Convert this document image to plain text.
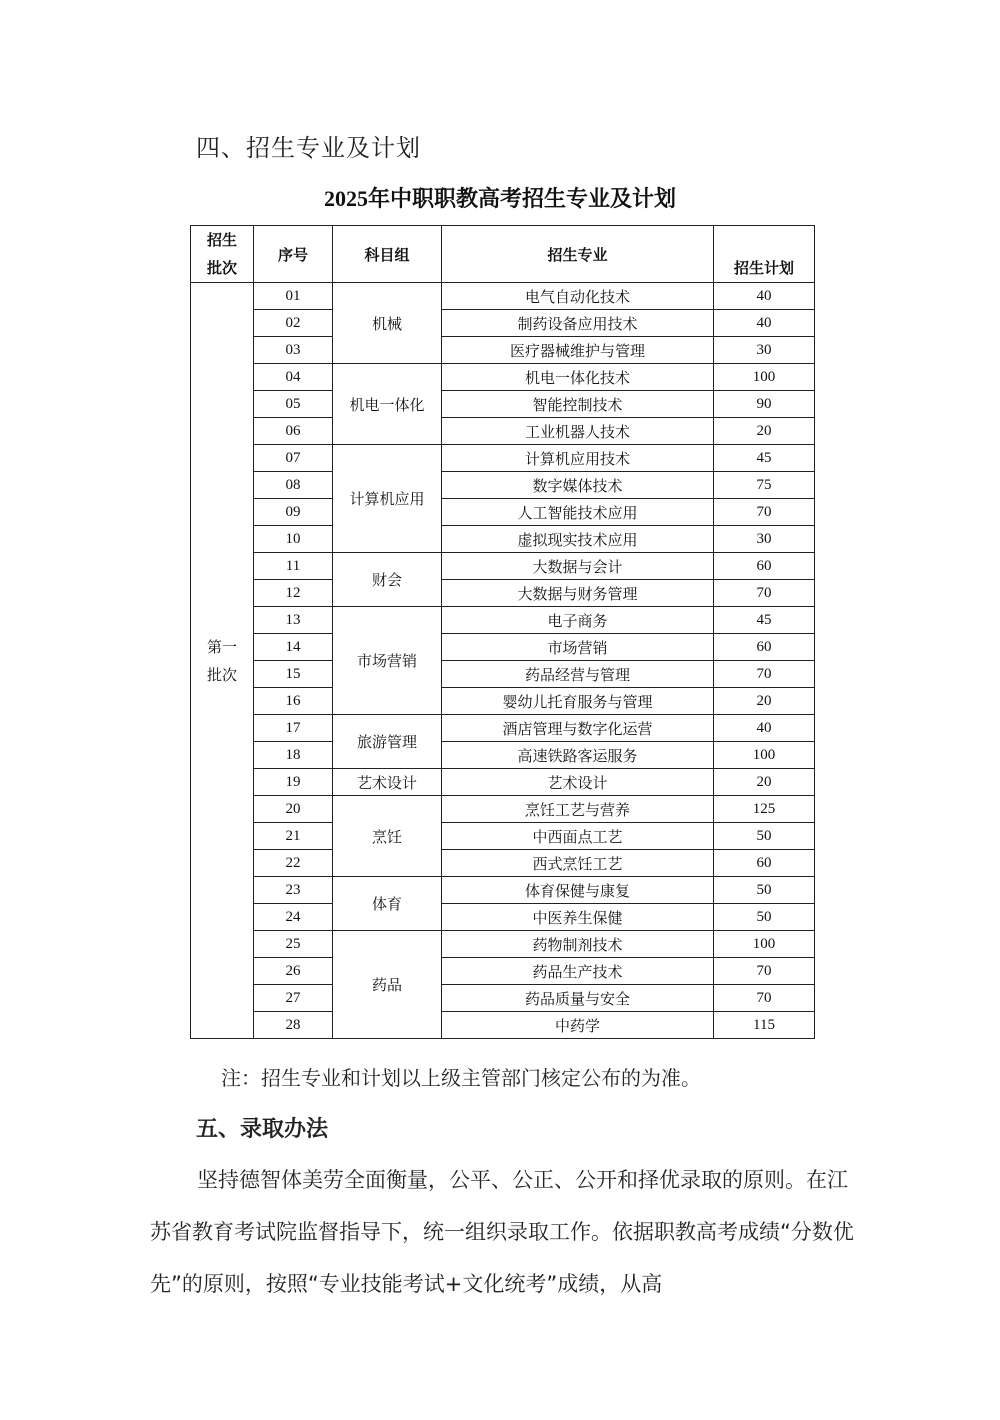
四、招生专业及计划
2025年中职职教高考招生专业及计划
招生批次	序号	科目组	招生专业	招生计划
第一批次	01	机械	电气自动化技术	40
	02		制药设备应用技术	40
	03		医疗器械维护与管理	30
	04	机电一体化	机电一体化技术	100
	05		智能控制技术	90
	06		工业机器人技术	20
	07	计算机应用	计算机应用技术	45
	08		数字媒体技术	75
	09		人工智能技术应用	70
	10		虚拟现实技术应用	30
	11	财会	大数据与会计	60
	12		大数据与财务管理	70
	13	市场营销	电子商务	45
	14		市场营销	60
	15		药品经营与管理	70
	16		婴幼儿托育服务与管理	20
	17	旅游管理	酒店管理与数字化运营	40
	18		高速铁路客运服务	100
	19	艺术设计	艺术设计	20
	20	烹饪	烹饪工艺与营养	125
	21		中西面点工艺	50
	22		西式烹饪工艺	60
	23	体育	体育保健与康复	50
	24		中医养生保健	50
	25	药品	药物制剂技术	100
	26		药品生产技术	70
	27		药品质量与安全	70
	28		中药学	115
注：招生专业和计划以上级主管部门核定公布的为准。
五、录取办法
坚持德智体美劳全面衡量，公平、公正、公开和择优录取的原则。在江苏省教育考试院监督指导下，统一组织录取工作。依据职教高考成绩“分数优先”的原则，按照“专业技能考试+文化统考”成绩，从高
